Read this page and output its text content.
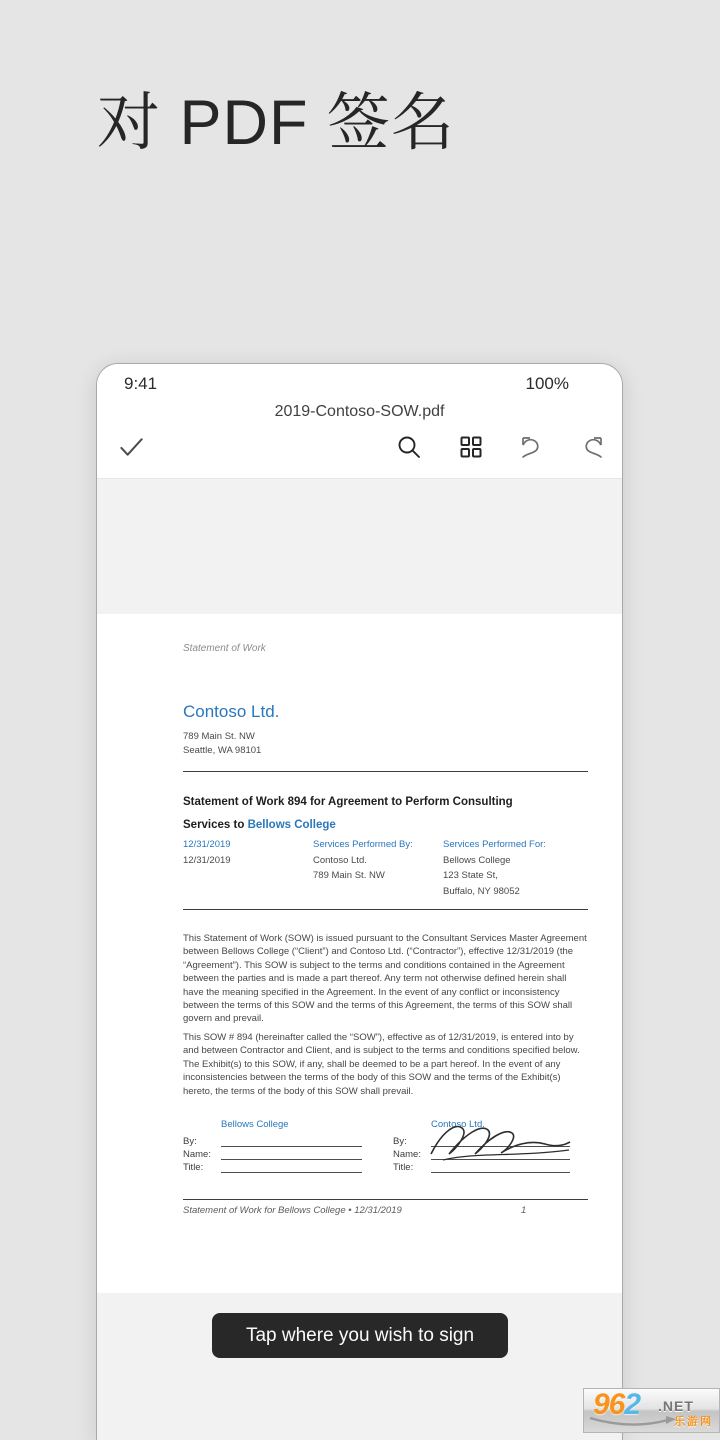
对 PDF 签名
9:41	100%
2019-Contoso-SOW.pdf
Statement of Work
Contoso Ltd.
789 Main St. NW
Seattle, WA 98101
Statement of Work 894 for Agreement to Perform Consulting
Services to Bellows College
12/31/2019
12/31/2019
Services Performed By:
Contoso Ltd.
789 Main St. NW
Services Performed For:
Bellows College
123 State St,
Buffalo, NY 98052
This Statement of Work (SOW) is issued pursuant to the Consultant Services Master Agreement between Bellows College (“Client”) and Contoso Ltd. (“Contractor”), effective 12/31/2019 (the “Agreement”). This SOW is subject to the terms and conditions contained in the Agreement between the parties and is made a part thereof. Any term not otherwise defined herein shall have the meaning specified in the Agreement. In the event of any conflict or inconsistency between the terms of this SOW and the terms of this Agreement, the terms of this SOW shall govern and prevail.
This SOW # 894 (hereinafter called the “SOW”), effective as of 12/31/2019, is entered into by and between Contractor and Client, and is subject to the terms and conditions specified below. The Exhibit(s) to this SOW, if any, shall be deemed to be a part hereof. In the event of any inconsistencies between the terms of the body of this SOW and the terms of the Exhibit(s) hereto, the terms of the body of this SOW shall prevail.
Bellows College
By:
Name:
Title:
Contoso Ltd.
By:
Name:
Title:
Statement of Work for Bellows College • 12/31/2019	1
Tap where you wish to sign
962 .NET
乐游网
